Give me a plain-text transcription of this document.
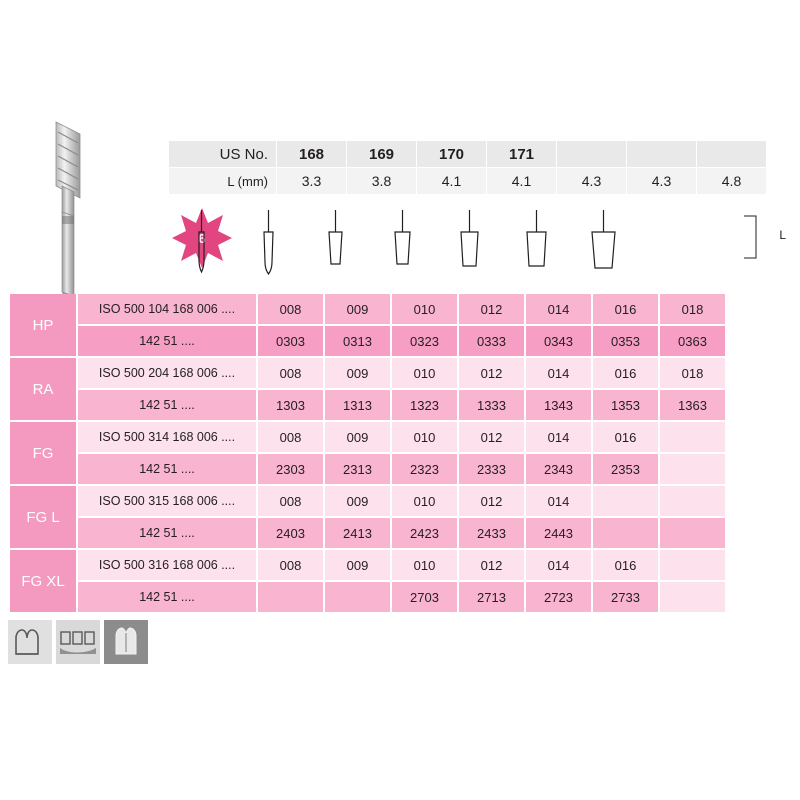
US No.	168	169	170	171			
L (mm)	3.3	3.8	4.1	4.1	4.3	4.3	4.8
6	L
HP	ISO 500 104 168 006 ....	008	009	010	012	014	016	018
	142 51 ....	0303	0313	0323	0333	0343	0353	0363
RA	ISO 500 204 168 006 ....	008	009	010	012	014	016	018
	142 51 ....	1303	1313	1323	1333	1343	1353	1363
FG	ISO 500 314 168 006 ....	008	009	010	012	014	016	
	142 51 ....	2303	2313	2323	2333	2343	2353	
FG L	ISO 500 315 168 006 ....	008	009	010	012	014		
	142 51 ....	2403	2413	2423	2433	2443		
FG XL	ISO 500 316 168 006 ....	008	009	010	012	014	016	
	142 51 ....			2703	2713	2723	2733	
